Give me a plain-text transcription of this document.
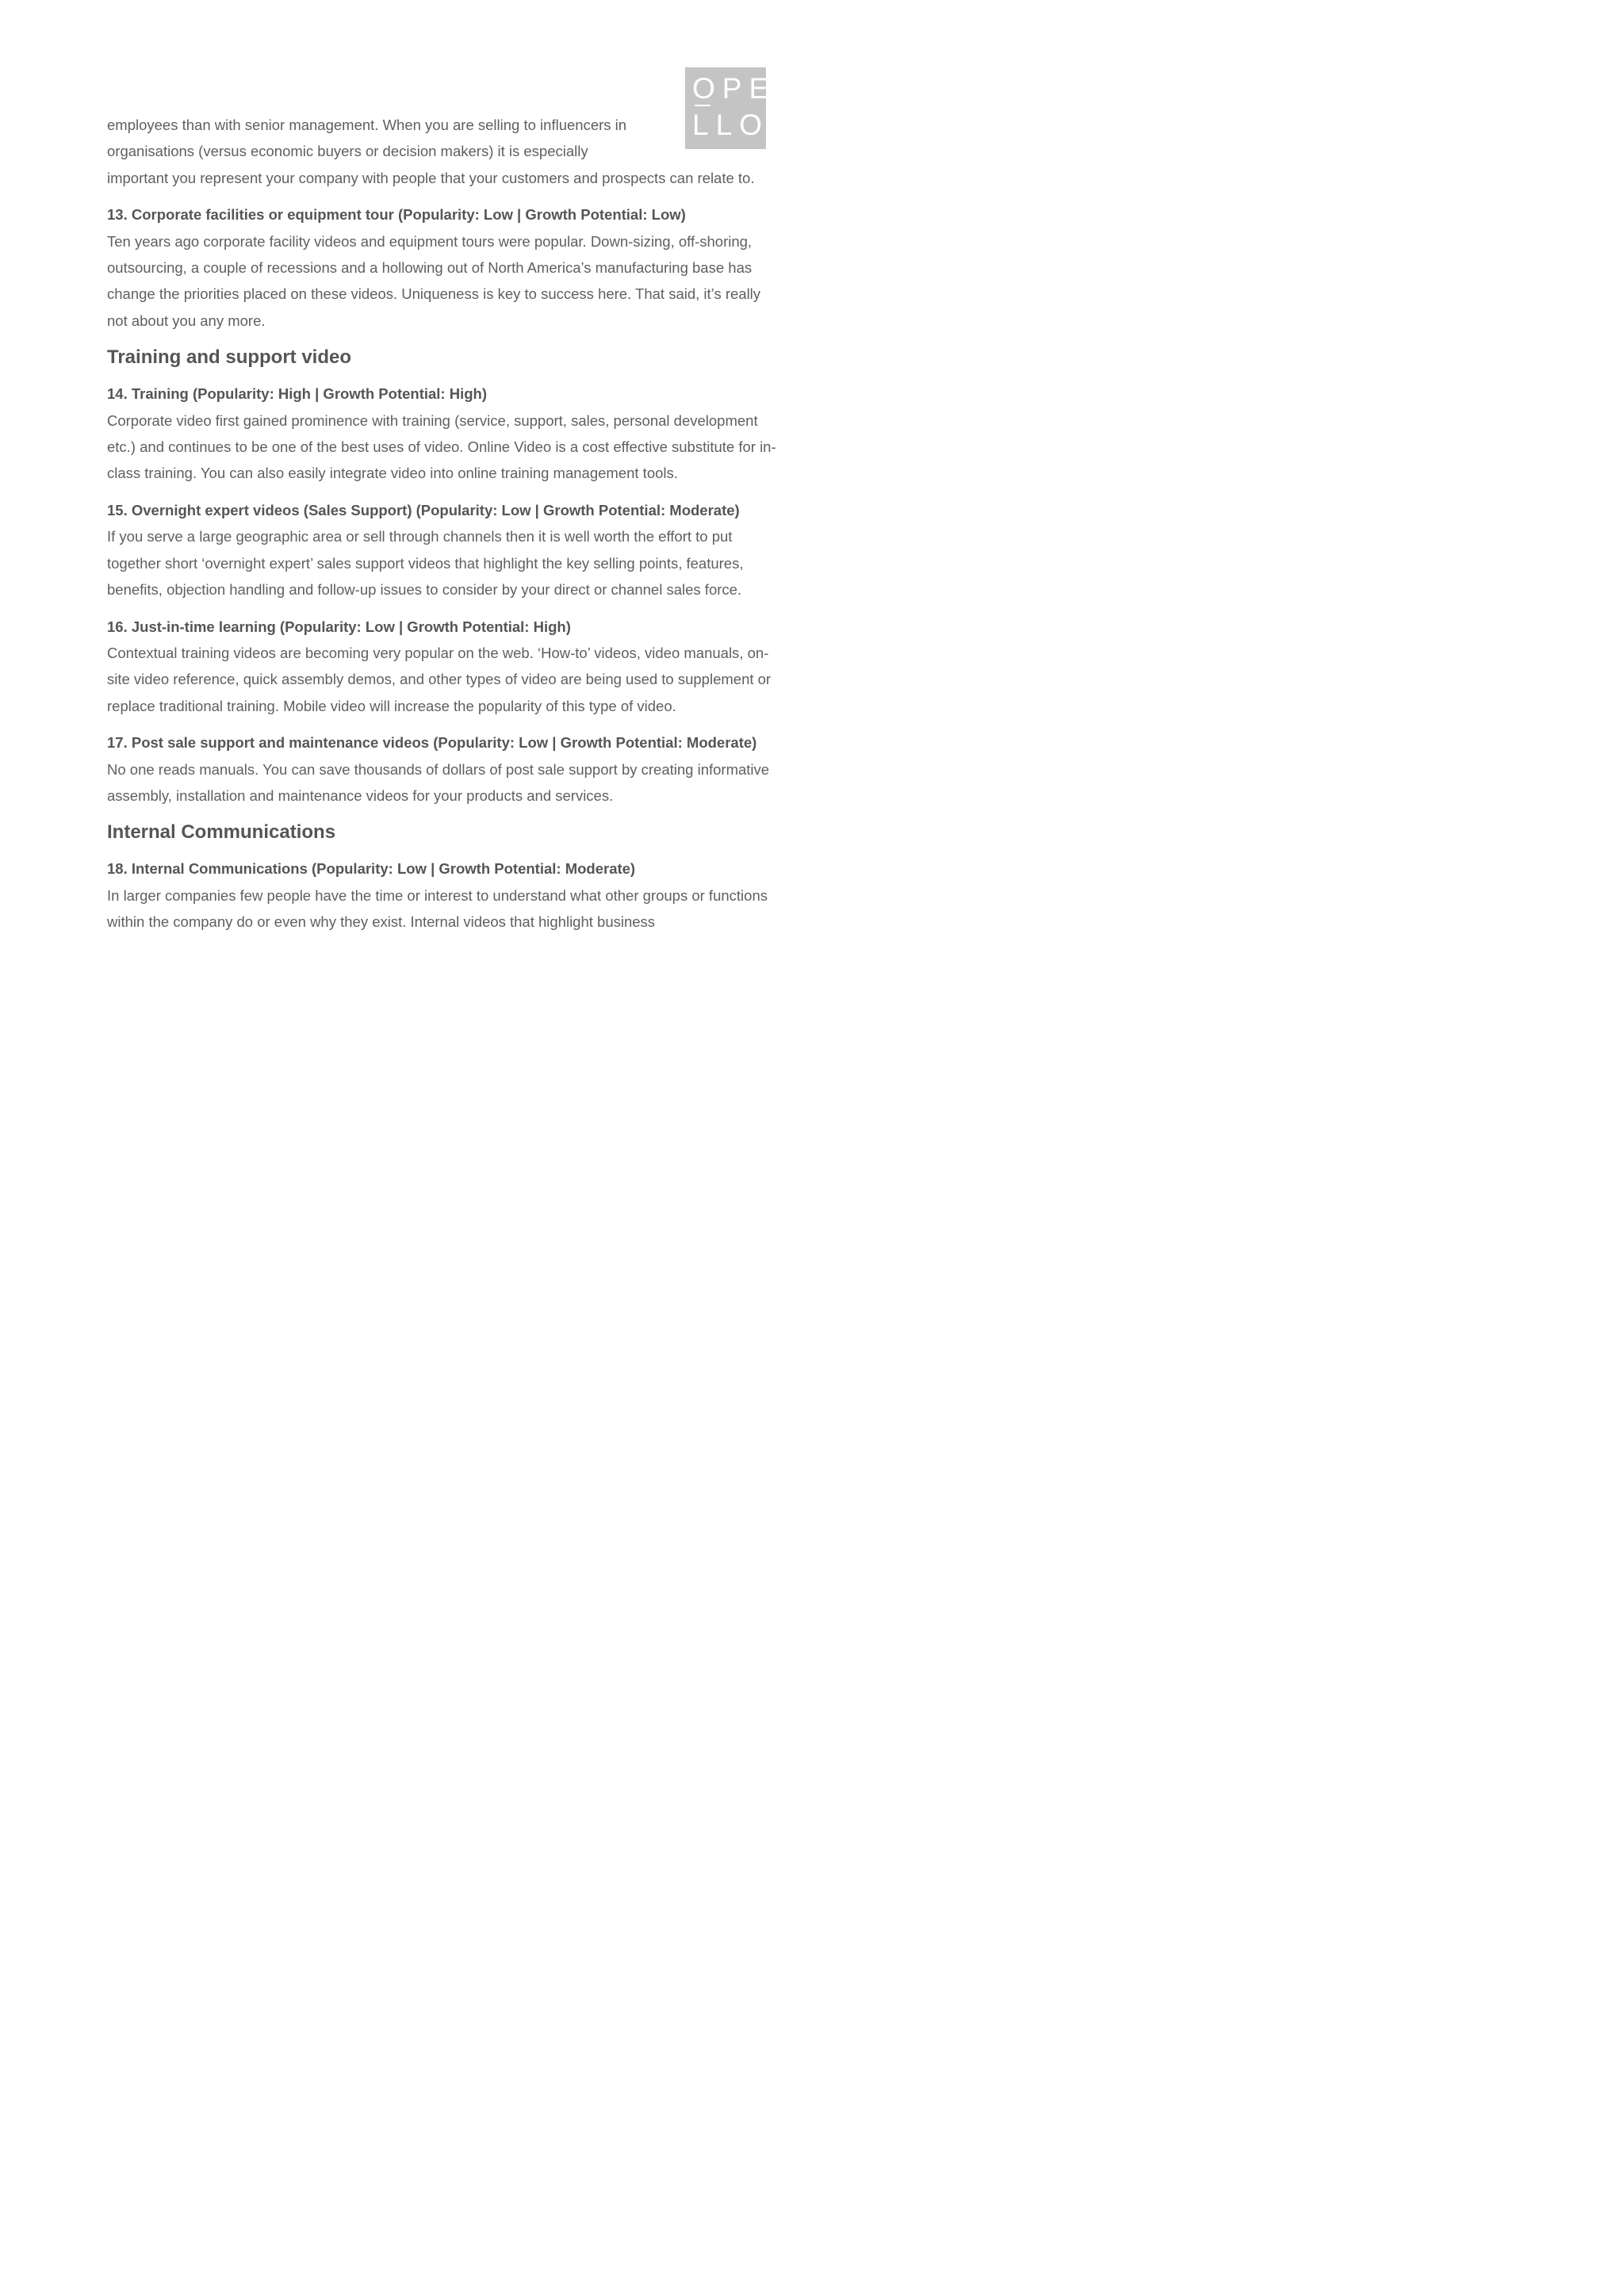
OPE
LLO

employees than with senior management. When you are selling to influencers in organisations (versus economic buyers or decision makers) it is especially

important you represent your company with people that your customers and prospects can relate to.

13. Corporate facilities or equipment tour (Popularity: Low | Growth Potential: Low)

Ten years ago corporate facility videos and equipment tours were popular. Down-sizing, off-shoring, outsourcing, a couple of recessions and a hollowing out of North America’s manufacturing base has change the priorities placed on these videos. Uniqueness is key to success here. That said, it’s really not about you any more.

Training and support video

14. Training (Popularity: High | Growth Potential: High)

Corporate video first gained prominence with training (service, support, sales, personal development etc.) and continues to be one of the best uses of video. Online Video is a cost effective substitute for in-class training. You can also easily integrate video into online training management tools.

15. Overnight expert videos (Sales Support) (Popularity: Low | Growth Potential: Moderate)

If you serve a large geographic area or sell through channels then it is well worth the effort to put together short ‘overnight expert’ sales support videos that highlight the key selling points, features, benefits, objection handling and follow-up issues to consider by your direct or channel sales force.

16. Just-in-time learning (Popularity: Low | Growth Potential: High)

Contextual training videos are becoming very popular on the web. ‘How-to’ videos, video manuals, on-site video reference, quick assembly demos, and other types of video are being used to supplement or replace traditional training. Mobile video will increase the popularity of this type of video.

17. Post sale support and maintenance videos (Popularity: Low | Growth Potential: Moderate)

No one reads manuals. You can save thousands of dollars of post sale support by creating informative assembly, installation and maintenance videos for your products and services.

Internal Communications

18. Internal Communications (Popularity: Low | Growth Potential: Moderate)

In larger companies few people have the time or interest to understand what other groups or functions within the company do or even why they exist. Internal videos that highlight business
